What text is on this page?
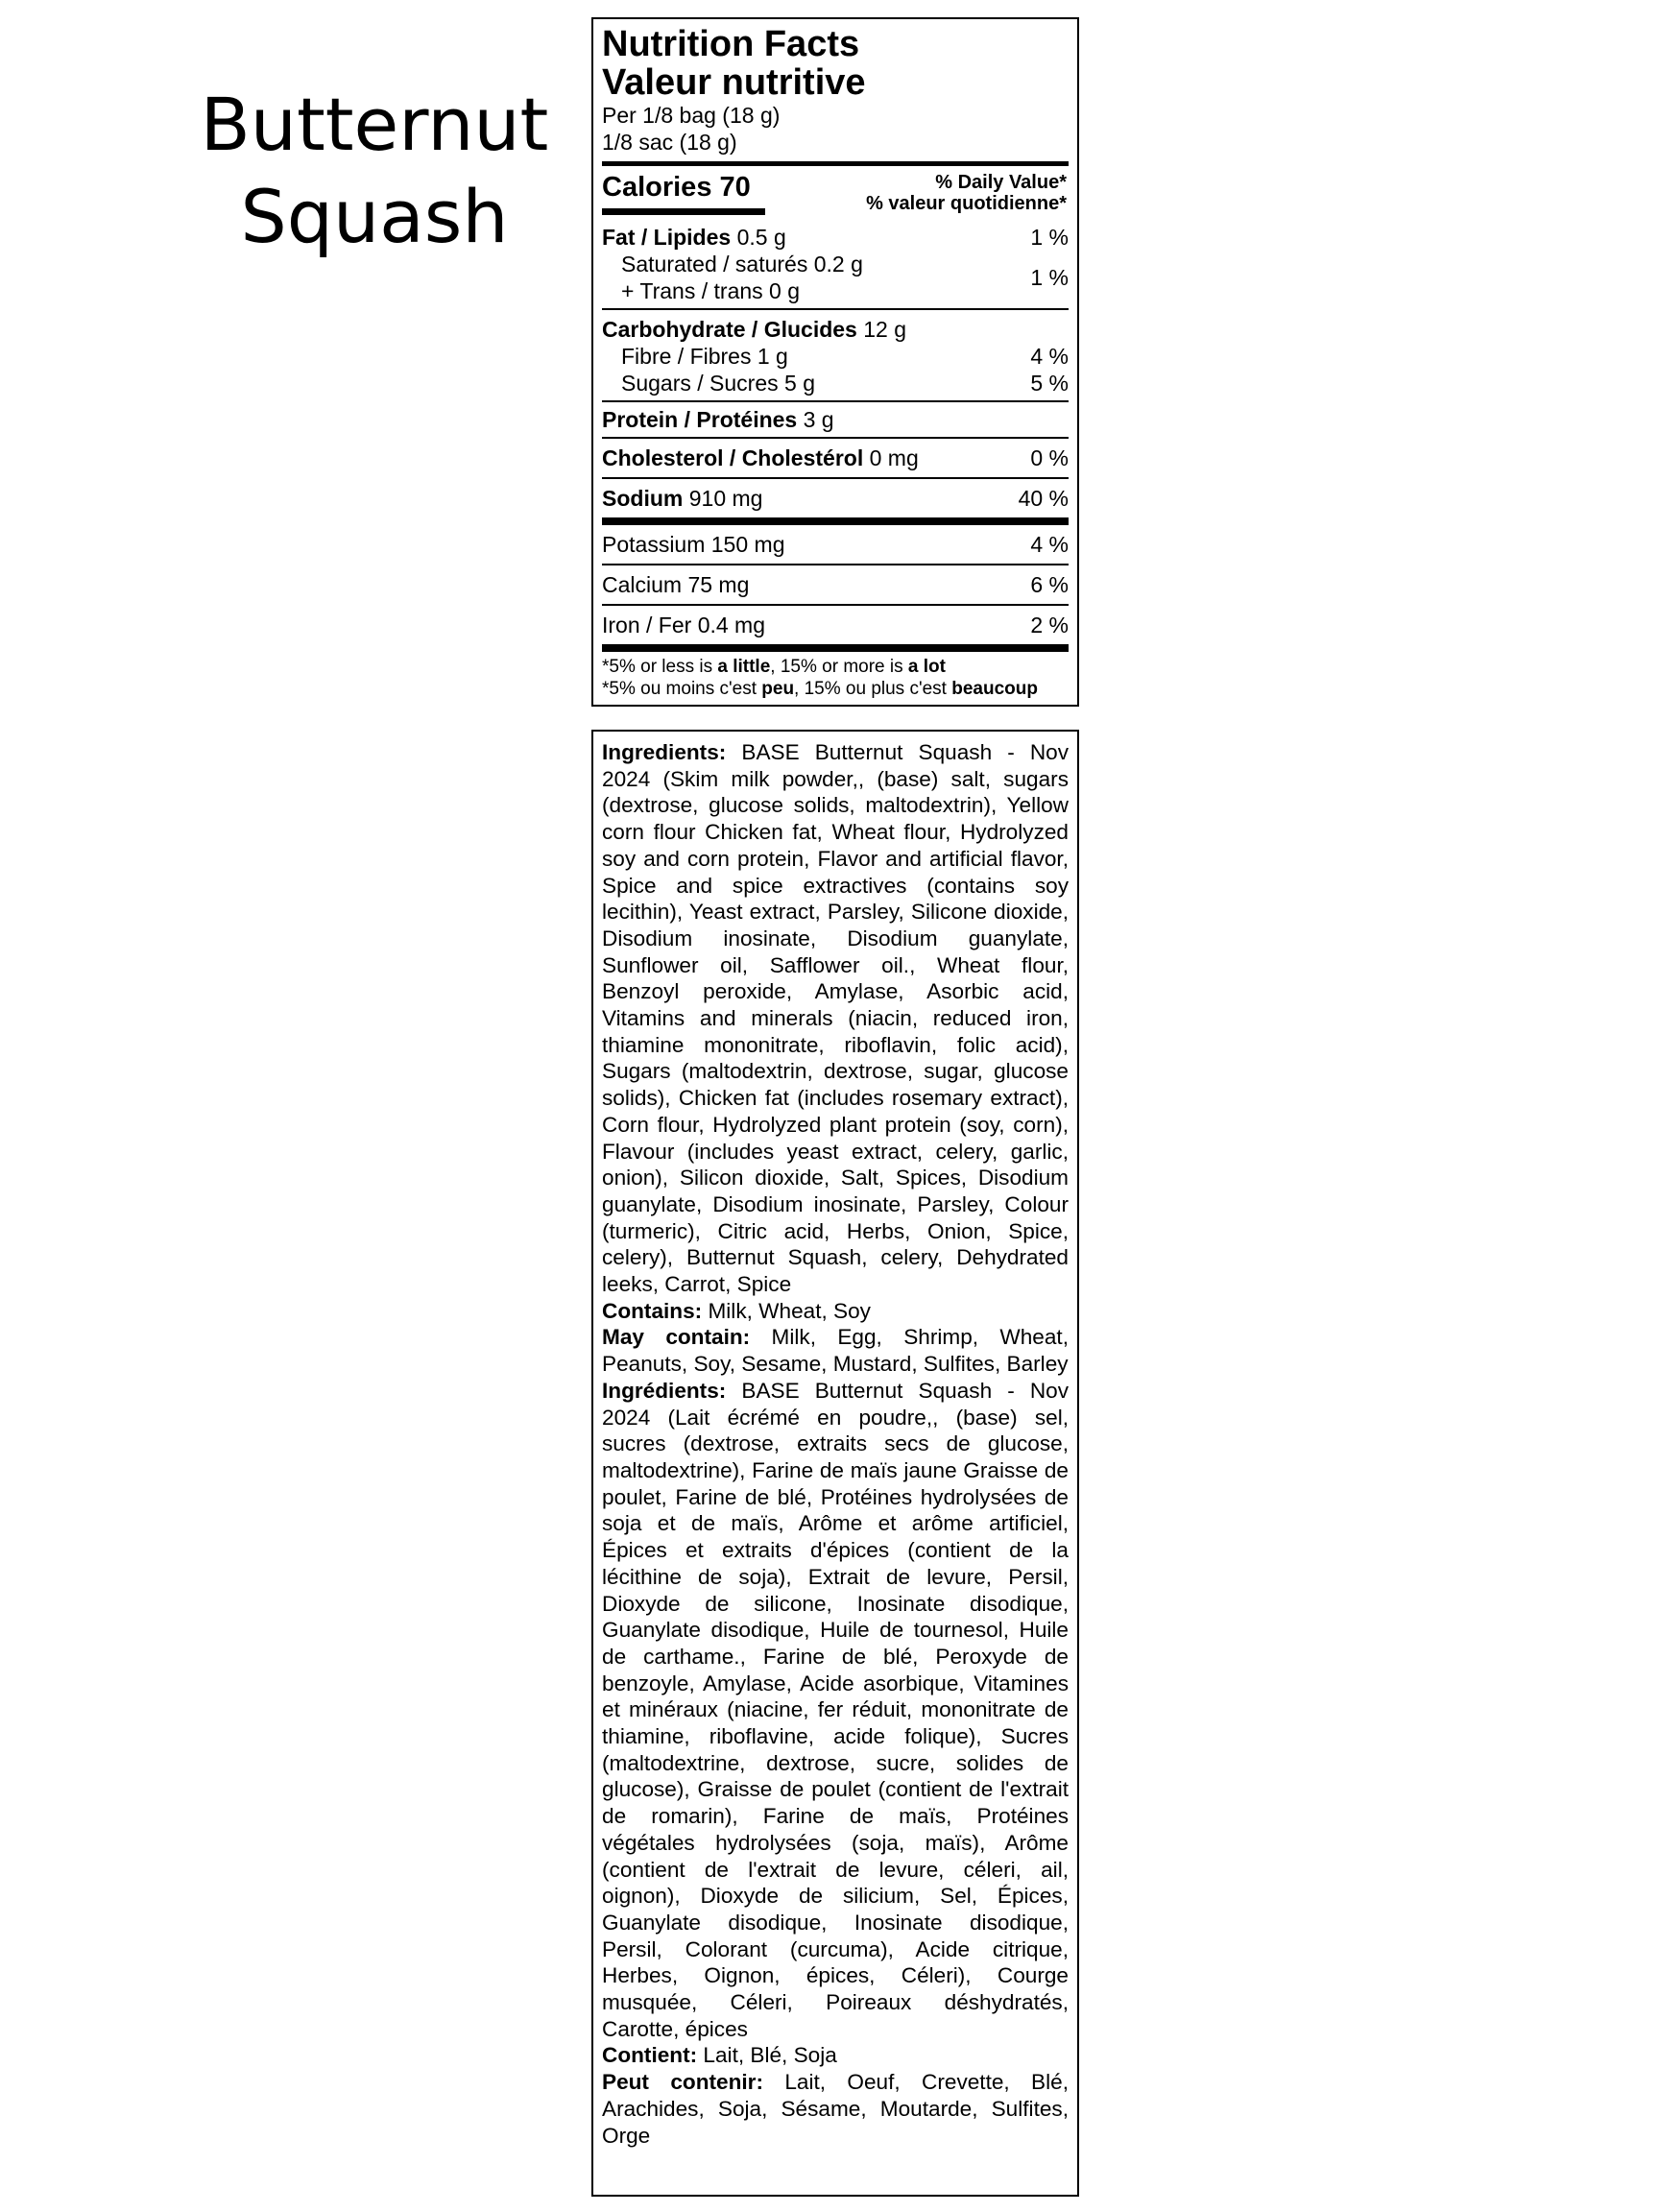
Butternut
Squash
Nutrition Facts
Valeur nutritive
Per 1/8 bag (18 g)
1/8 sac (18 g)
Calories 70	% Daily Value*
% valeur quotidienne*
Fat / Lipides 0.5 g	1 %
Saturated / saturés 0.2 g
+ Trans / trans 0 g
1 %
Carbohydrate / Glucides 12 g
Fibre / Fibres 1 g	4 %
Sugars / Sucres 5 g	5 %
Protein / Protéines 3 g
Cholesterol / Cholestérol 0 mg	0 %
Sodium 910 mg	40 %
Potassium 150 mg	4 %
Calcium 75 mg	6 %
Iron / Fer 0.4 mg	2 %
*5% or less is a little, 15% or more is a lot
*5% ou moins c'est peu, 15% ou plus c'est beaucoup

Ingredients: BASE Butternut Squash - Nov 2024 (Skim milk powder,, (base) salt, sugars (dextrose, glucose solids, maltodextrin), Yellow corn flour Chicken fat, Wheat flour, Hydrolyzed soy and corn protein, Flavor and artificial flavor, Spice and spice extractives (contains soy lecithin), Yeast extract, Parsley, Silicone dioxide, Disodium inosinate, Disodium guanylate, Sunflower oil, Safflower oil., Wheat flour, Benzoyl peroxide, Amylase, Asorbic acid, Vitamins and minerals (niacin, reduced iron, thiamine mononitrate, riboflavin, folic acid), Sugars (maltodextrin, dextrose, sugar, glucose solids), Chicken fat (includes rosemary extract), Corn flour, Hydrolyzed plant protein (soy, corn), Flavour (includes yeast extract, celery, garlic, onion), Silicon dioxide, Salt, Spices, Disodium guanylate, Disodium inosinate, Parsley, Colour (turmeric), Citric acid, Herbs, Onion, Spice, celery), Butternut Squash, celery, Dehydrated leeks, Carrot, Spice

Contains: Milk, Wheat, Soy

May contain: Milk, Egg, Shrimp, Wheat, Peanuts, Soy, Sesame, Mustard, Sulfites, Barley

Ingrédients: BASE Butternut Squash - Nov 2024 (Lait écrémé en poudre,, (base) sel, sucres (dextrose, extraits secs de glucose, maltodextrine), Farine de maïs jaune Graisse de poulet, Farine de blé, Protéines hydrolysées de soja et de maïs, Arôme et arôme artificiel, Épices et extraits d'épices (contient de la lécithine de soja), Extrait de levure, Persil, Dioxyde de silicone, Inosinate disodique, Guanylate disodique, Huile de tournesol, Huile de carthame., Farine de blé, Peroxyde de benzoyle, Amylase, Acide asorbique, Vitamines et minéraux (niacine, fer réduit, mononitrate de thiamine, riboflavine, acide folique), Sucres (maltodextrine, dextrose, sucre, solides de glucose), Graisse de poulet (contient de l'extrait de romarin), Farine de maïs, Protéines végétales hydrolysées (soja, maïs), Arôme (contient de l'extrait de levure, céleri, ail, oignon), Dioxyde de silicium, Sel, Épices, Guanylate disodique, Inosinate disodique, Persil, Colorant (curcuma), Acide citrique, Herbes, Oignon, épices, Céleri), Courge musquée, Céleri, Poireaux déshydratés, Carotte, épices

Contient: Lait, Blé, Soja

Peut contenir: Lait, Oeuf, Crevette, Blé, Arachides, Soja, Sésame, Moutarde, Sulfites, Orge
